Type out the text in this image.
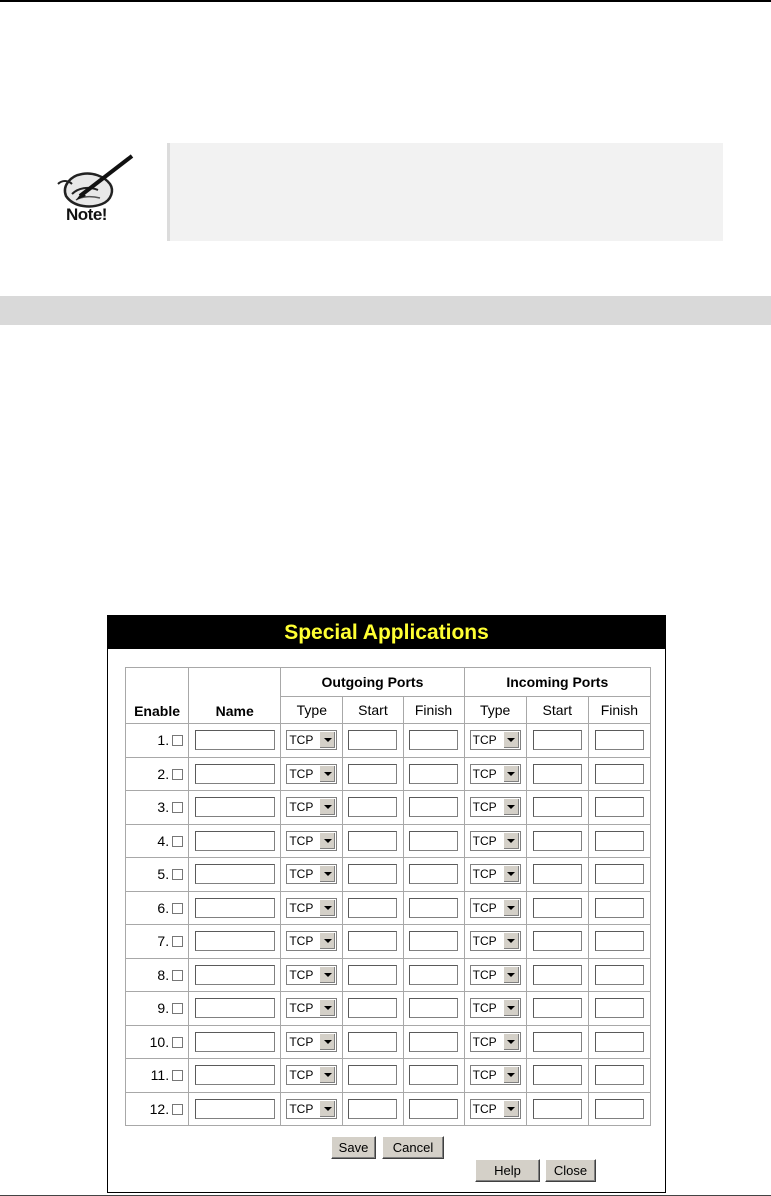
Note!
Special Applications
Enable	Name	Outgoing Ports			Incoming Ports		
		Type	Start	Finish	Type	Start	Finish
1.		TCP			TCP		

2.		TCP			TCP		

3.		TCP			TCP		

4.		TCP			TCP		

5.		TCP			TCP		

6.		TCP			TCP		

7.		TCP			TCP		

8.		TCP			TCP		

9.		TCP			TCP		

10.		TCP			TCP		

11.		TCP			TCP		

12.		TCP			TCP		

Save	Cancel
Help	Close
